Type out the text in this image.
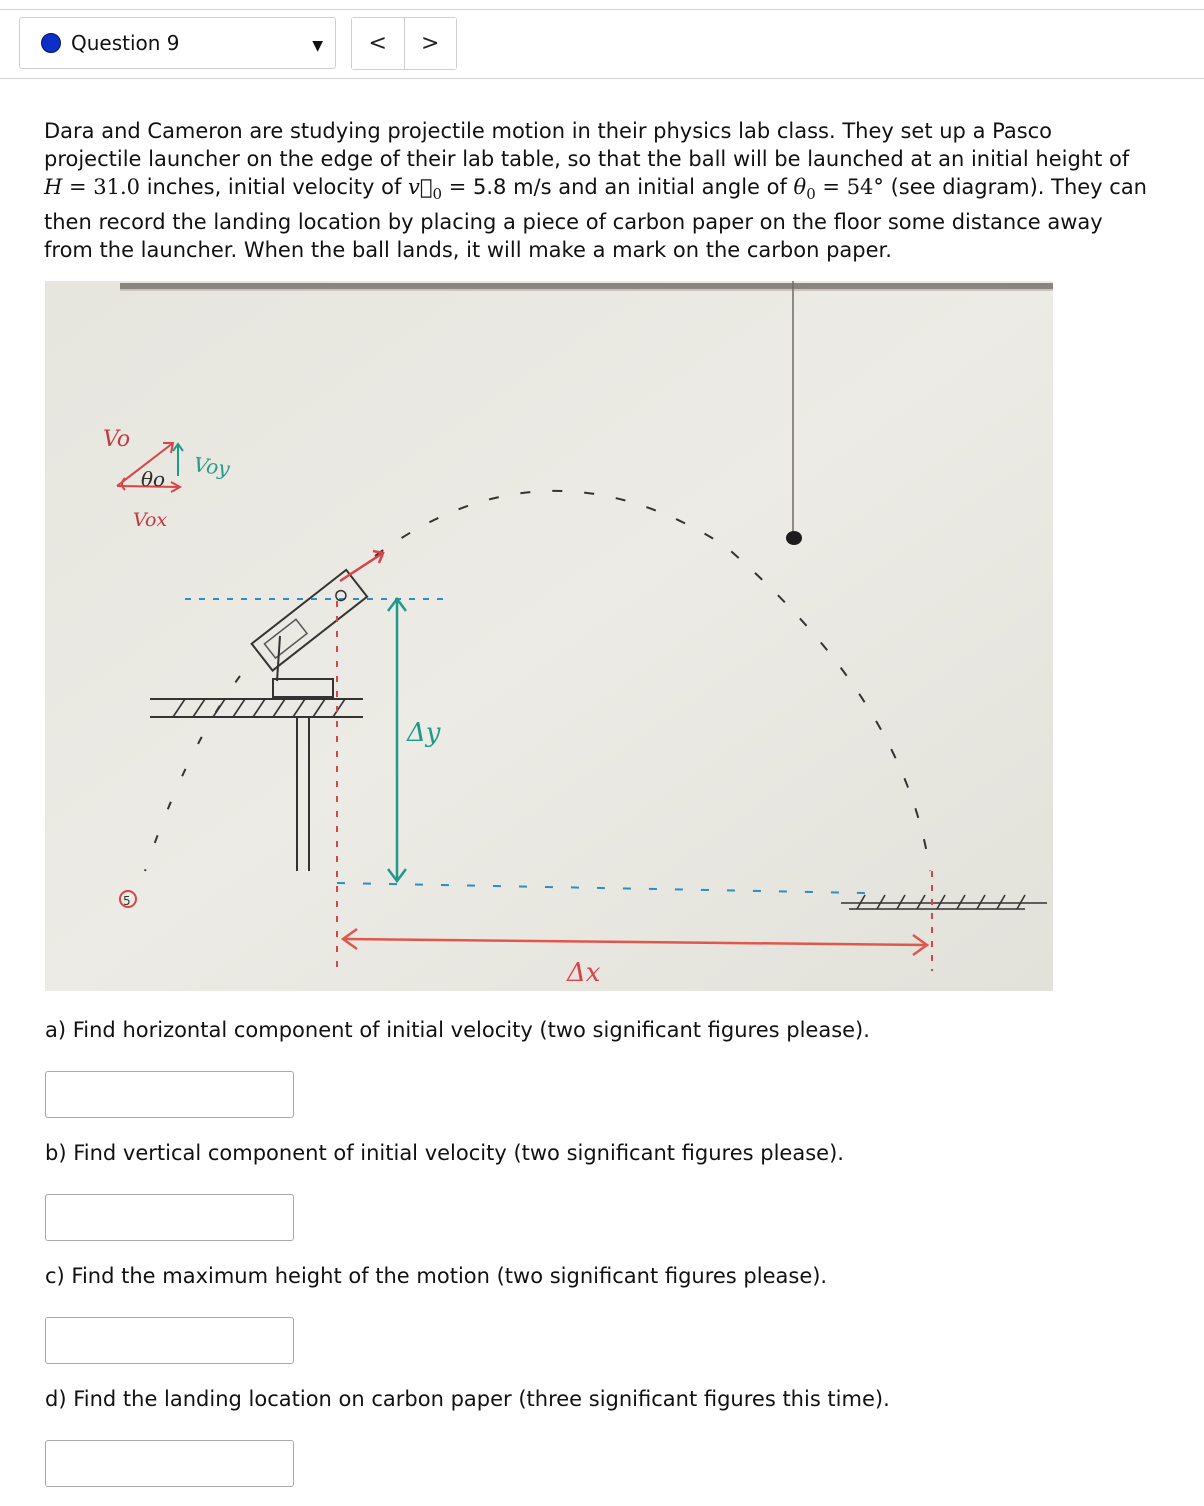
Question 9	▼	<	>
Dara and Cameron are studying projectile motion in their physics lab class. They set up a Pasco projectile launcher on the edge of their lab table, so that the ball will be launched at an initial height of H = 31.0 inches, initial velocity of $v⃗_0 = 5.8$ m/s and an initial angle of $\theta_0 = 54^\circ$ (see diagram). They can then record the landing location by placing a piece of carbon paper on the floor some distance away from the launcher. When the ball lands, it will make a mark on the carbon paper.
Vo
θo Voy
Vox
Δy
Δx
5
a) Find horizontal component of initial velocity (two significant figures please).
b) Find vertical component of initial velocity (two significant figures please).
c) Find the maximum height of the motion (two significant figures please).
d) Find the landing location on carbon paper (three significant figures this time).
